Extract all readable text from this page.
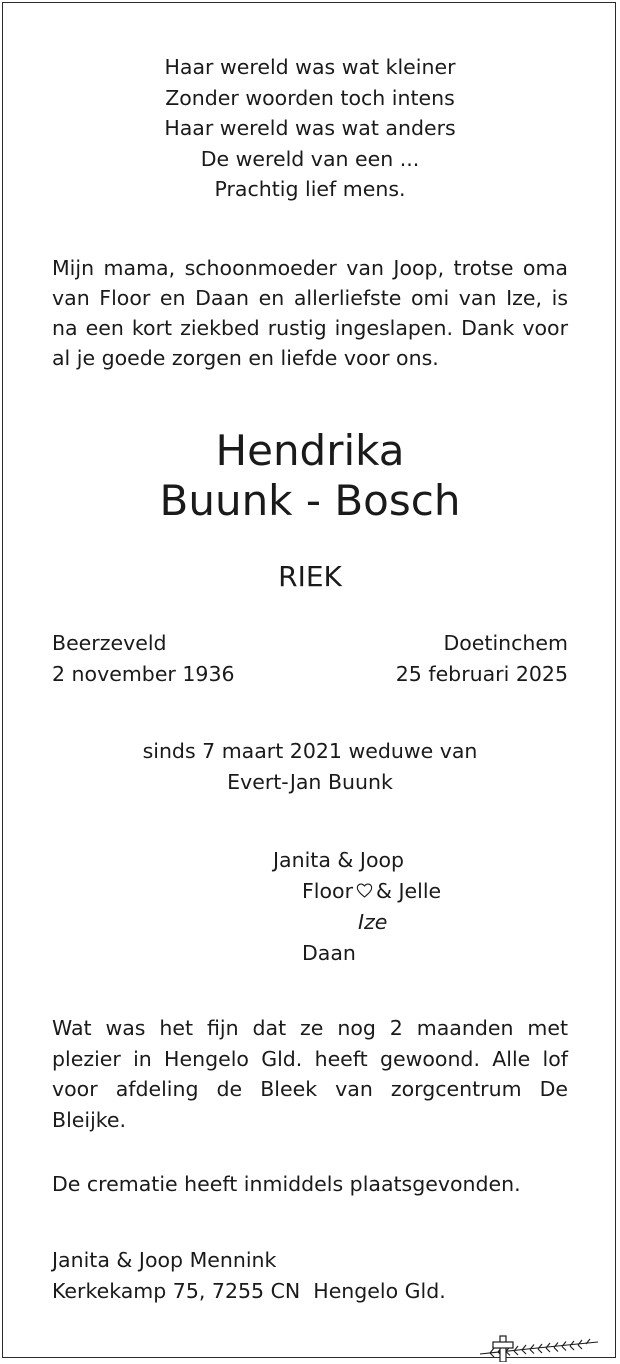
Haar wereld was wat kleiner
Zonder woorden toch intens
Haar wereld was wat anders
De wereld van een ...
Prachtig lief mens.
Mijn mama, schoonmoeder van Joop, trotse oma van Floor en Daan en allerliefste omi van Ize, is na een kort ziekbed rustig ingeslapen. Dank voor al je goede zorgen en liefde voor ons.
Hendrika
Buunk - Bosch
RIEK
Beerzeveld
2 november 1936
Doetinchem
25 februari 2025
sinds 7 maart 2021 weduwe van
Evert-Jan Buunk
Janita & Joop
Floor & Jelle
Ize
Daan
Wat was het fijn dat ze nog 2 maanden met plezier in Hengelo Gld. heeft gewoond. Alle lof voor afdeling de Bleek van zorgcentrum De Bleijke.
De crematie heeft inmiddels plaatsgevonden.
Janita & Joop Mennink
Kerkekamp 75, 7255 CN  Hengelo Gld.
